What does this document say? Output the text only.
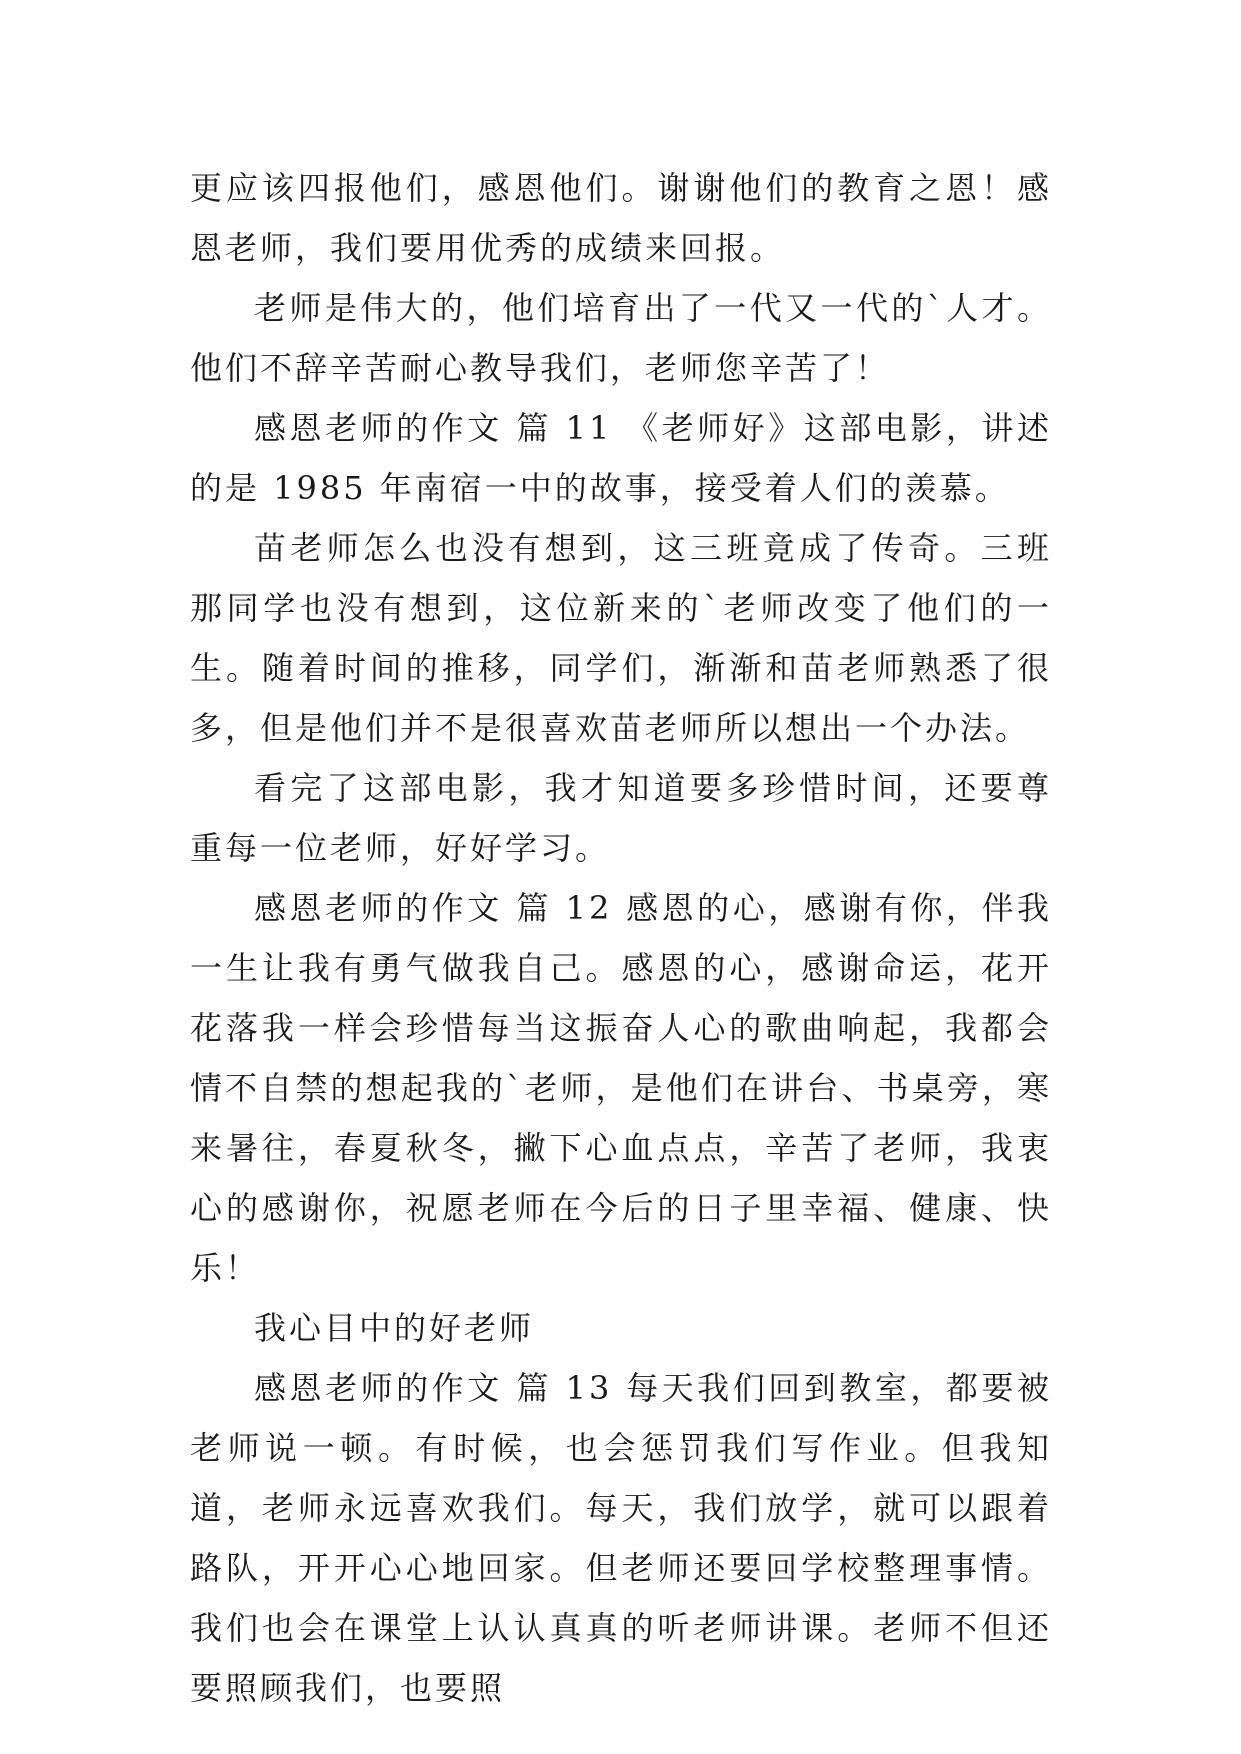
更应该四报他们，感恩他们。谢谢他们的教育之恩！感恩老师，我们要用优秀的成绩来回报。

老师是伟大的，他们培育出了一代又一代的`人才。他们不辞辛苦耐心教导我们，老师您辛苦了！

感恩老师的作文 篇 11 《老师好》这部电影，讲述的是 1985 年南宿一中的故事，接受着人们的羡慕。

苗老师怎么也没有想到，这三班竟成了传奇。三班那同学也没有想到，这位新来的`老师改变了他们的一生。随着时间的推移，同学们，渐渐和苗老师熟悉了很多，但是他们并不是很喜欢苗老师所以想出一个办法。

看完了这部电影，我才知道要多珍惜时间，还要尊重每一位老师，好好学习。

感恩老师的作文 篇 12 感恩的心，感谢有你，伴我一生让我有勇气做我自己。感恩的心，感谢命运，花开花落我一样会珍惜每当这振奋人心的歌曲响起，我都会情不自禁的想起我的`老师，是他们在讲台、书桌旁，寒来暑往，春夏秋冬，撇下心血点点，辛苦了老师，我衷心的感谢你，祝愿老师在今后的日子里幸福、健康、快乐！

我心目中的好老师

感恩老师的作文 篇 13 每天我们回到教室，都要被老师说一顿。有时候，也会惩罚我们写作业。但我知道，老师永远喜欢我们。每天，我们放学，就可以跟着路队，开开心心地回家。但老师还要回学校整理事情。我们也会在课堂上认认真真的听老师讲课。老师不但还要照顾我们，也要照
